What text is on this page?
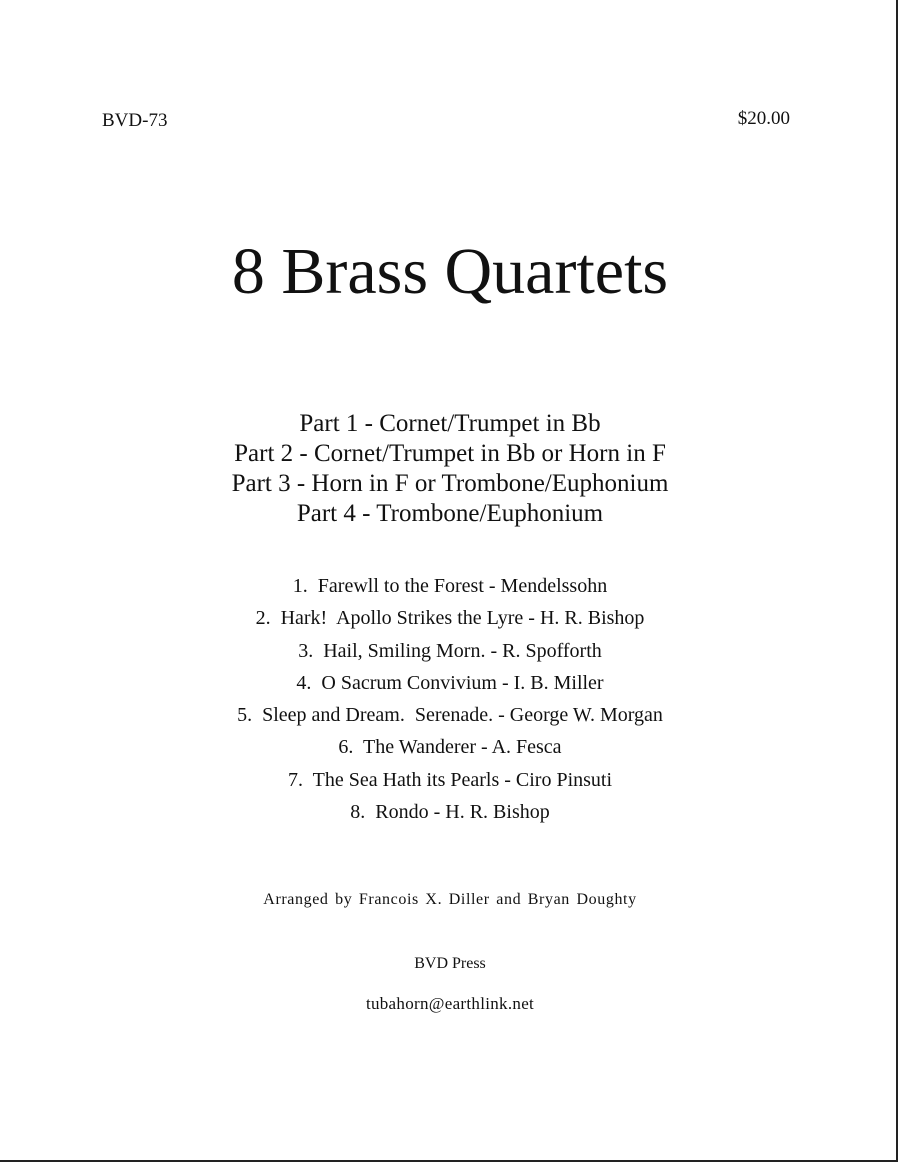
BVD-73	$20.00
8 Brass Quartets
Part 1 - Cornet/Trumpet in Bb
Part 2 - Cornet/Trumpet in Bb or Horn in F
Part 3 - Horn in F or Trombone/Euphonium
Part 4 - Trombone/Euphonium
1.  Farewll to the Forest - Mendelssohn
2.  Hark!  Apollo Strikes the Lyre - H. R. Bishop
3.  Hail, Smiling Morn. - R. Spofforth
4.  O Sacrum Convivium - I. B. Miller
5.  Sleep and Dream.  Serenade. - George W. Morgan
6.  The Wanderer - A. Fesca
7.  The Sea Hath its Pearls - Ciro Pinsuti
8.  Rondo - H. R. Bishop
Arranged by Francois X. Diller and Bryan Doughty
BVD Press
tubahorn@earthlink.net
